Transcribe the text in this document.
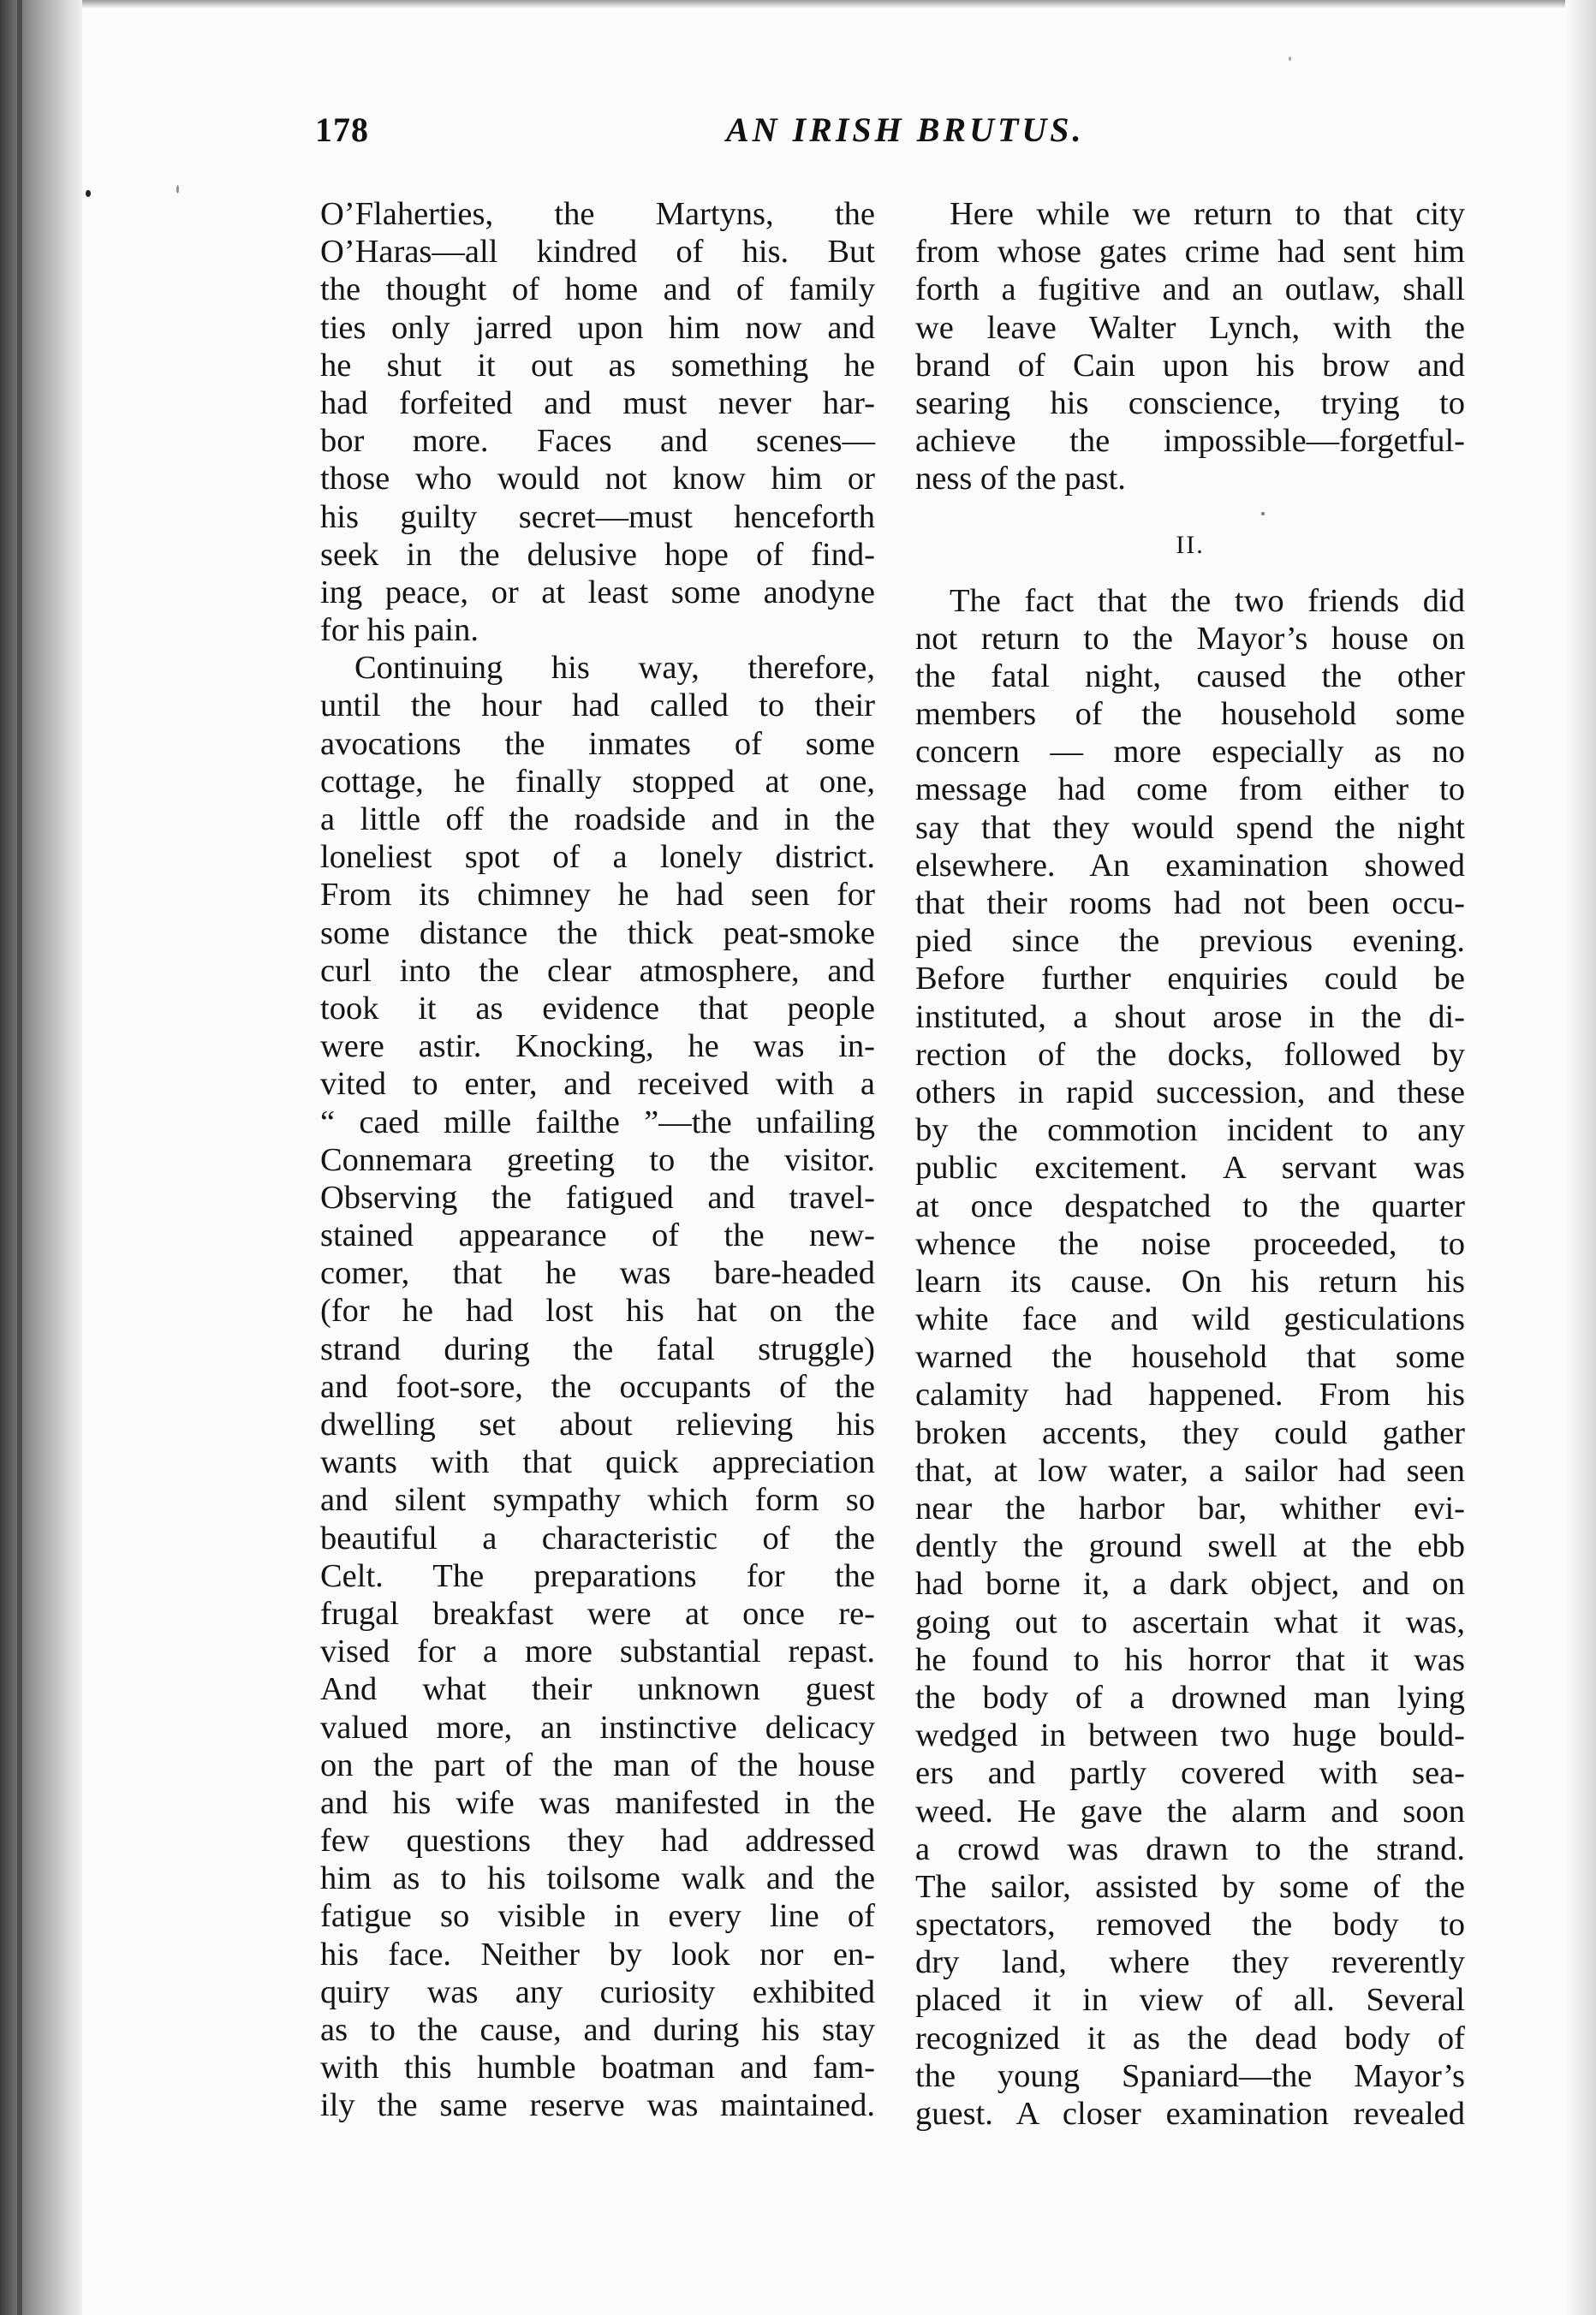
178	AN IRISH BRUTUS.
O’Flaherties, the Martyns, the
O’Haras—all kindred of his. But
the thought of home and of family
ties only jarred upon him now and
he shut it out as something he
had forfeited and must never har-
bor more. Faces and scenes—
those who would not know him or
his guilty secret—must henceforth
seek in the delusive hope of find-
ing peace, or at least some anodyne
for his pain.
Continuing his way, therefore,
until the hour had called to their
avocations the inmates of some
cottage, he finally stopped at one,
a little off the roadside and in the
loneliest spot of a lonely district.
From its chimney he had seen for
some distance the thick peat-smoke
curl into the clear atmosphere, and
took it as evidence that people
were astir. Knocking, he was in-
vited to enter, and received with a
“ caed mille failthe ”—the unfailing
Connemara greeting to the visitor.
Observing the fatigued and travel-
stained appearance of the new-
comer, that he was bare-headed
(for he had lost his hat on the
strand during the fatal struggle)
and foot-sore, the occupants of the
dwelling set about relieving his
wants with that quick appreciation
and silent sympathy which form so
beautiful a characteristic of the
Celt. The preparations for the
frugal breakfast were at once re-
vised for a more substantial repast.
And what their unknown guest
valued more, an instinctive delicacy
on the part of the man of the house
and his wife was manifested in the
few questions they had addressed
him as to his toilsome walk and the
fatigue so visible in every line of
his face. Neither by look nor en-
quiry was any curiosity exhibited
as to the cause, and during his stay
with this humble boatman and fam-
ily the same reserve was maintained.
Here while we return to that city
from whose gates crime had sent him
forth a fugitive and an outlaw, shall
we leave Walter Lynch, with the
brand of Cain upon his brow and
searing his conscience, trying to
achieve the impossible—forgetful-
ness of the past.
II.
The fact that the two friends did
not return to the Mayor’s house on
the fatal night, caused the other
members of the household some
concern — more especially as no
message had come from either to
say that they would spend the night
elsewhere. An examination showed
that their rooms had not been occu-
pied since the previous evening.
Before further enquiries could be
instituted, a shout arose in the di-
rection of the docks, followed by
others in rapid succession, and these
by the commotion incident to any
public excitement. A servant was
at once despatched to the quarter
whence the noise proceeded, to
learn its cause. On his return his
white face and wild gesticulations
warned the household that some
calamity had happened. From his
broken accents, they could gather
that, at low water, a sailor had seen
near the harbor bar, whither evi-
dently the ground swell at the ebb
had borne it, a dark object, and on
going out to ascertain what it was,
he found to his horror that it was
the body of a drowned man lying
wedged in between two huge bould-
ers and partly covered with sea-
weed. He gave the alarm and soon
a crowd was drawn to the strand.
The sailor, assisted by some of the
spectators, removed the body to
dry land, where they reverently
placed it in view of all. Several
recognized it as the dead body of
the young Spaniard—the Mayor’s
guest. A closer examination revealed
